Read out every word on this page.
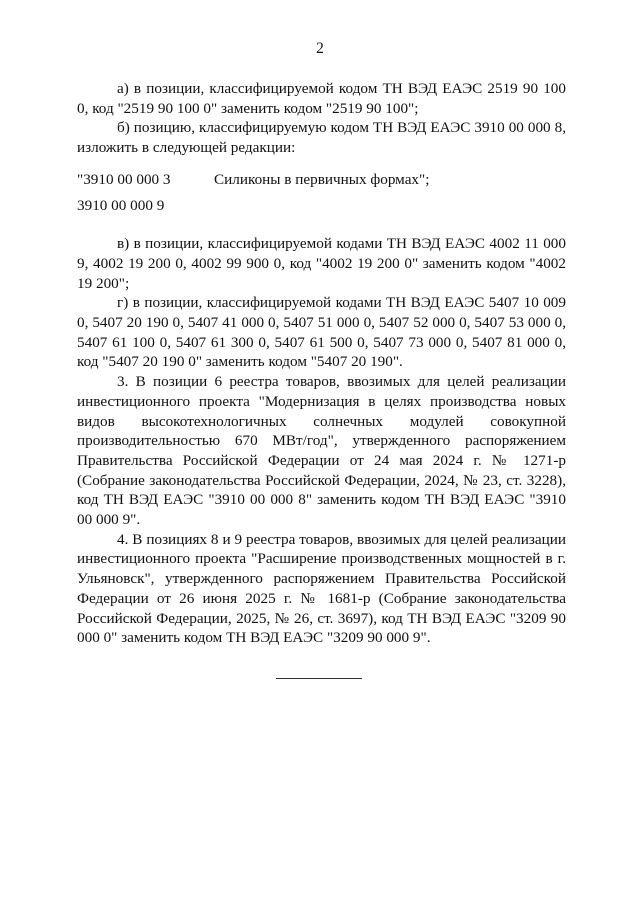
2

а) в позиции, классифицируемой кодом ТН ВЭД ЕАЭС 2519 90 100 0, код "2519 90 100 0" заменить кодом "2519 90 100";

б) позицию, классифицируемую кодом ТН ВЭД ЕАЭС 3910 00 000 8, изложить в следующей редакции:

"3910 00 000 3	Силиконы в первичных формах";
3910 00 000 9

в) в позиции, классифицируемой кодами ТН ВЭД ЕАЭС 4002 11 000 9, 4002 19 200 0, 4002 99 900 0, код "4002 19 200 0" заменить кодом "4002 19 200";

г) в позиции, классифицируемой кодами ТН ВЭД ЕАЭС 5407 10 009 0, 5407 20 190 0, 5407 41 000 0, 5407 51 000 0, 5407 52 000 0, 5407 53 000 0, 5407 61 100 0, 5407 61 300 0, 5407 61 500 0, 5407 73 000 0, 5407 81 000 0, код "5407 20 190 0" заменить кодом "5407 20 190".

3. В позиции 6 реестра товаров, ввозимых для целей реализации инвестиционного проекта "Модернизация в целях производства новых видов высокотехнологичных солнечных модулей совокупной производительностью 670 МВт/год", утвержденного распоряжением Правительства Российской Федерации от 24 мая 2024 г. № 1271-р (Собрание законодательства Российской Федерации, 2024, № 23, ст. 3228), код ТН ВЭД ЕАЭС "3910 00 000 8" заменить кодом ТН ВЭД ЕАЭС "3910 00 000 9".

4. В позициях 8 и 9 реестра товаров, ввозимых для целей реализации инвестиционного проекта "Расширение производственных мощностей в г. Ульяновск", утвержденного распоряжением Правительства Российской Федерации от 26 июня 2025 г. № 1681-р (Собрание законодательства Российской Федерации, 2025, № 26, ст. 3697), код ТН ВЭД ЕАЭС "3209 90 000 0" заменить кодом ТН ВЭД ЕАЭС "3209 90 000 9".
